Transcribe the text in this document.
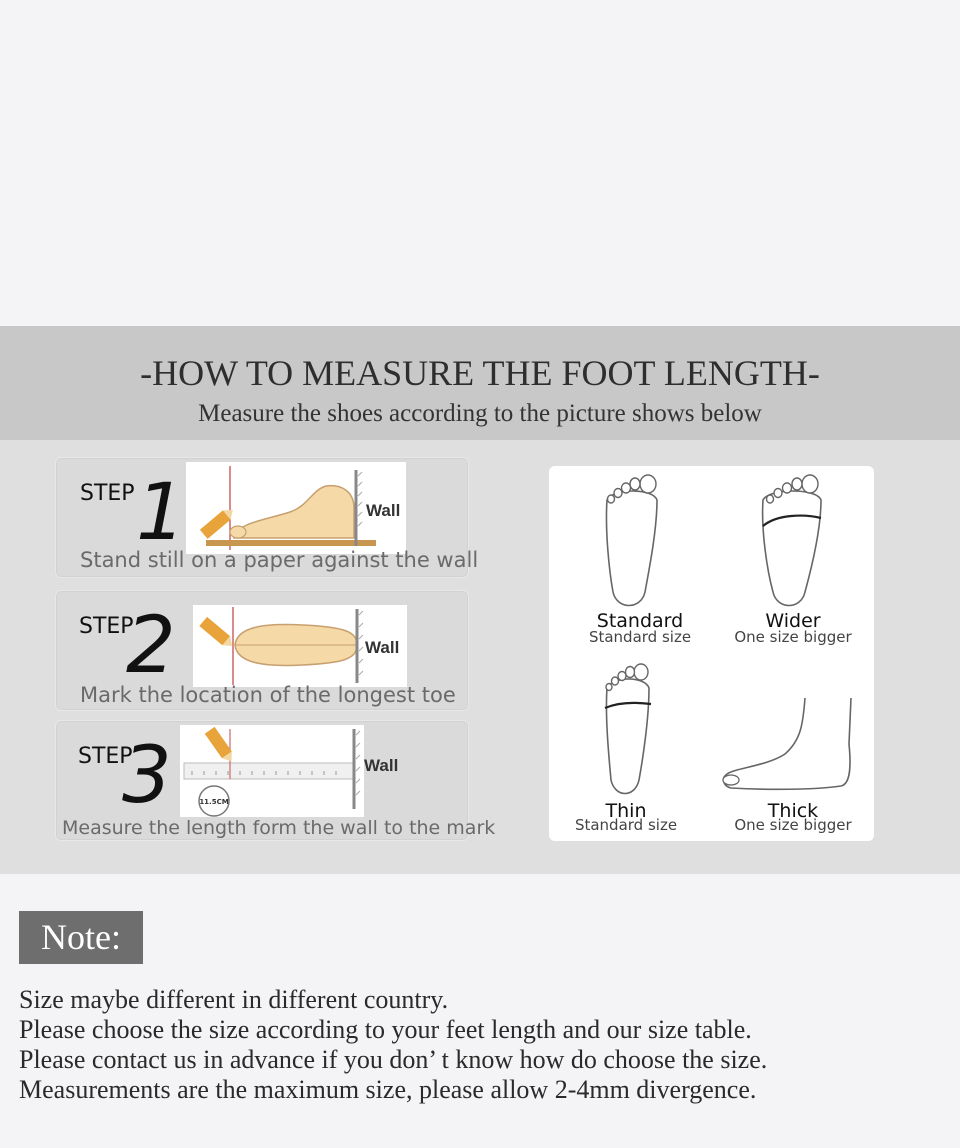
-HOW TO MEASURE THE FOOT LENGTH-
Measure the shoes according to the picture shows below
STEP 1	Wall
Stand still on a paper against the wall
STEP
2	Wall
Mark the location of the longest toe
STEP
3	11.5CM
Wall
Measure the length form the wall to the mark
Standard
Standard size
Wider
One size bigger
Thin
Standard size
Thick
One size bigger
Note:
Size maybe different in different country.
Please choose the size according to your feet length and our size table.
Please contact us in advance if you don’ t know how do choose the size.
Measurements are the maximum size, please allow 2-4mm divergence.
